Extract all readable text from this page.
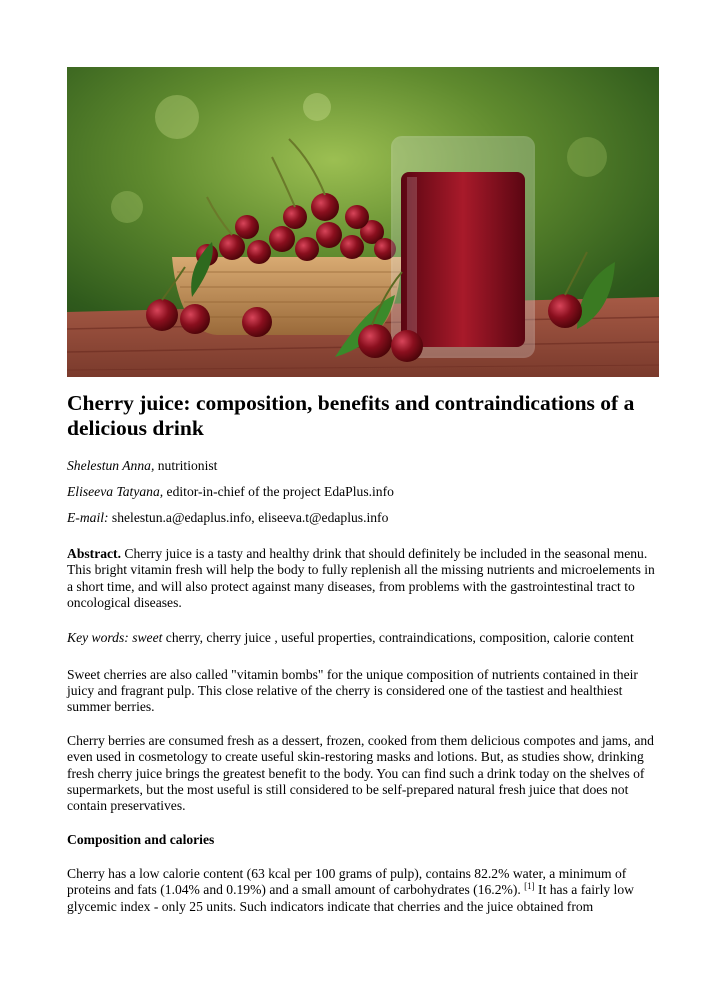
Cherry juice: composition, benefits and contraindications of a delicious drink

Shelestun Anna, nutritionist

Eliseeva Tatyana, editor-in-chief of the project EdaPlus.info

E-mail: shelestun.a@edaplus.info, eliseeva.t@edaplus.info

Abstract. Cherry juice is a tasty and healthy drink that should definitely be included in the seasonal menu. This bright vitamin fresh will help the body to fully replenish all the missing nutrients and microelements in a short time, and will also protect against many diseases, from problems with the gastrointestinal tract to oncological diseases.

Key words: sweet cherry, cherry juice , useful properties, contraindications, composition, calorie content

Sweet cherries are also called "vitamin bombs" for the unique composition of nutrients contained in their juicy and fragrant pulp. This close relative of the cherry is considered one of the tastiest and healthiest summer berries.

Cherry berries are consumed fresh as a dessert, frozen, cooked from them delicious compotes and jams, and even used in cosmetology to create useful skin-restoring masks and lotions. But, as studies show, drinking fresh cherry juice brings the greatest benefit to the body. You can find such a drink today on the shelves of supermarkets, but the most useful is still considered to be self-prepared natural fresh juice that does not contain preservatives.

Composition and calories

Cherry has a low calorie content (63 kcal per 100 grams of pulp), contains 82.2% water, a minimum of proteins and fats (1.04% and 0.19%) and a small amount of carbohydrates (16.2%). [1] It has a fairly low glycemic index - only 25 units. Such indicators indicate that cherries and the juice obtained from
